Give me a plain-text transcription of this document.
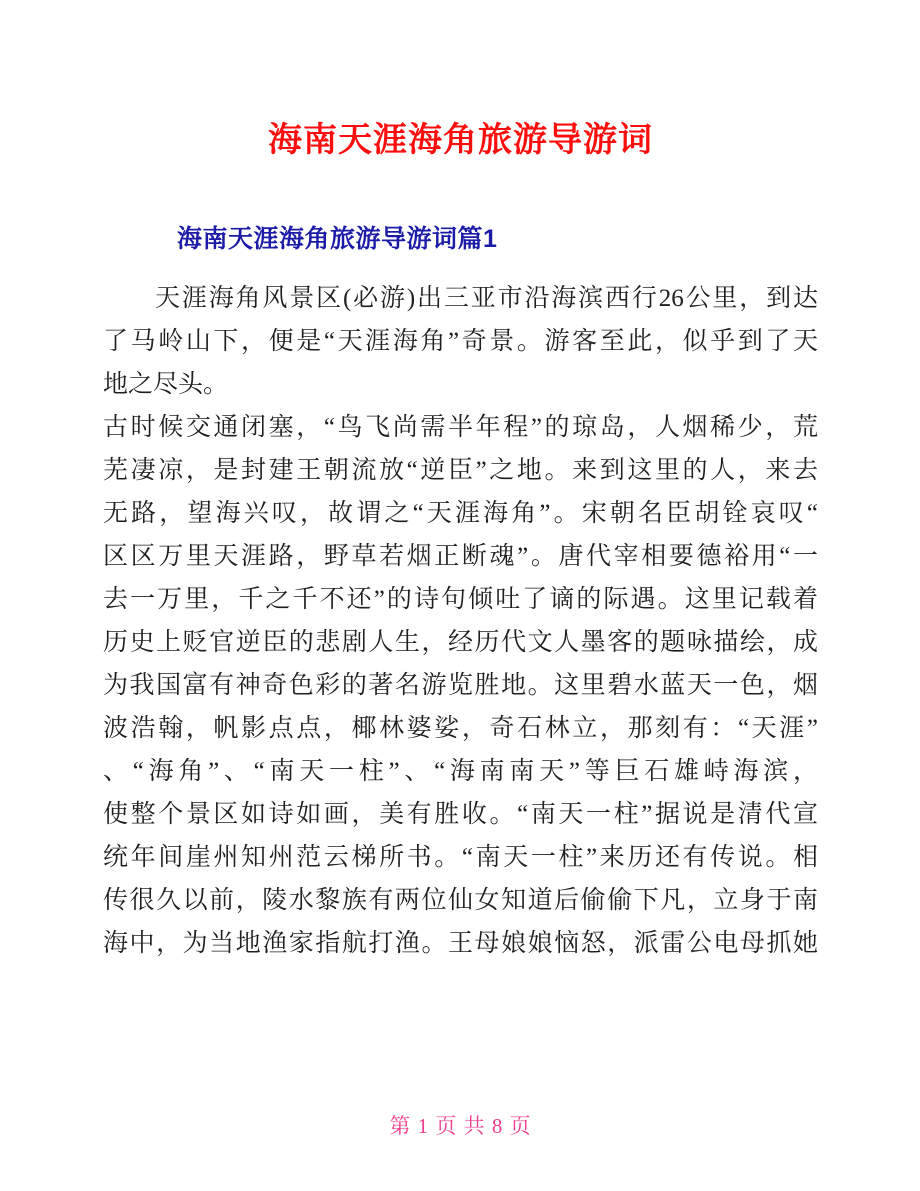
海南天涯海角旅游导游词
海南天涯海角旅游导游词篇1
天涯海角风景区(必游)出三亚市沿海滨西行26公里，到达
了马岭山下，便是“天涯海角”奇景。游客至此，似乎到了天
地之尽头。
古时候交通闭塞，“鸟飞尚需半年程”的琼岛，人烟稀少，荒
芜凄凉，是封建王朝流放“逆臣”之地。来到这里的人，来去
无路，望海兴叹，故谓之“天涯海角”。宋朝名臣胡铨哀叹“
区区万里天涯路，野草若烟正断魂”。唐代宰相要德裕用“一
去一万里，千之千不还”的诗句倾吐了谪的际遇。这里记载着
历史上贬官逆臣的悲剧人生，经历代文人墨客的题咏描绘，成
为我国富有神奇色彩的著名游览胜地。这里碧水蓝天一色，烟
波浩翰，帆影点点，椰林婆娑，奇石林立，那刻有：“天涯”
、“海角”、“南天一柱”、“海南南天”等巨石雄峙海滨，
使整个景区如诗如画，美有胜收。“南天一柱”据说是清代宣
统年间崖州知州范云梯所书。“南天一柱”来历还有传说。相
传很久以前，陵水黎族有两位仙女知道后偷偷下凡，立身于南
海中，为当地渔家指航打渔。王母娘娘恼怒，派雷公电母抓她
第 1 页 共 8 页
